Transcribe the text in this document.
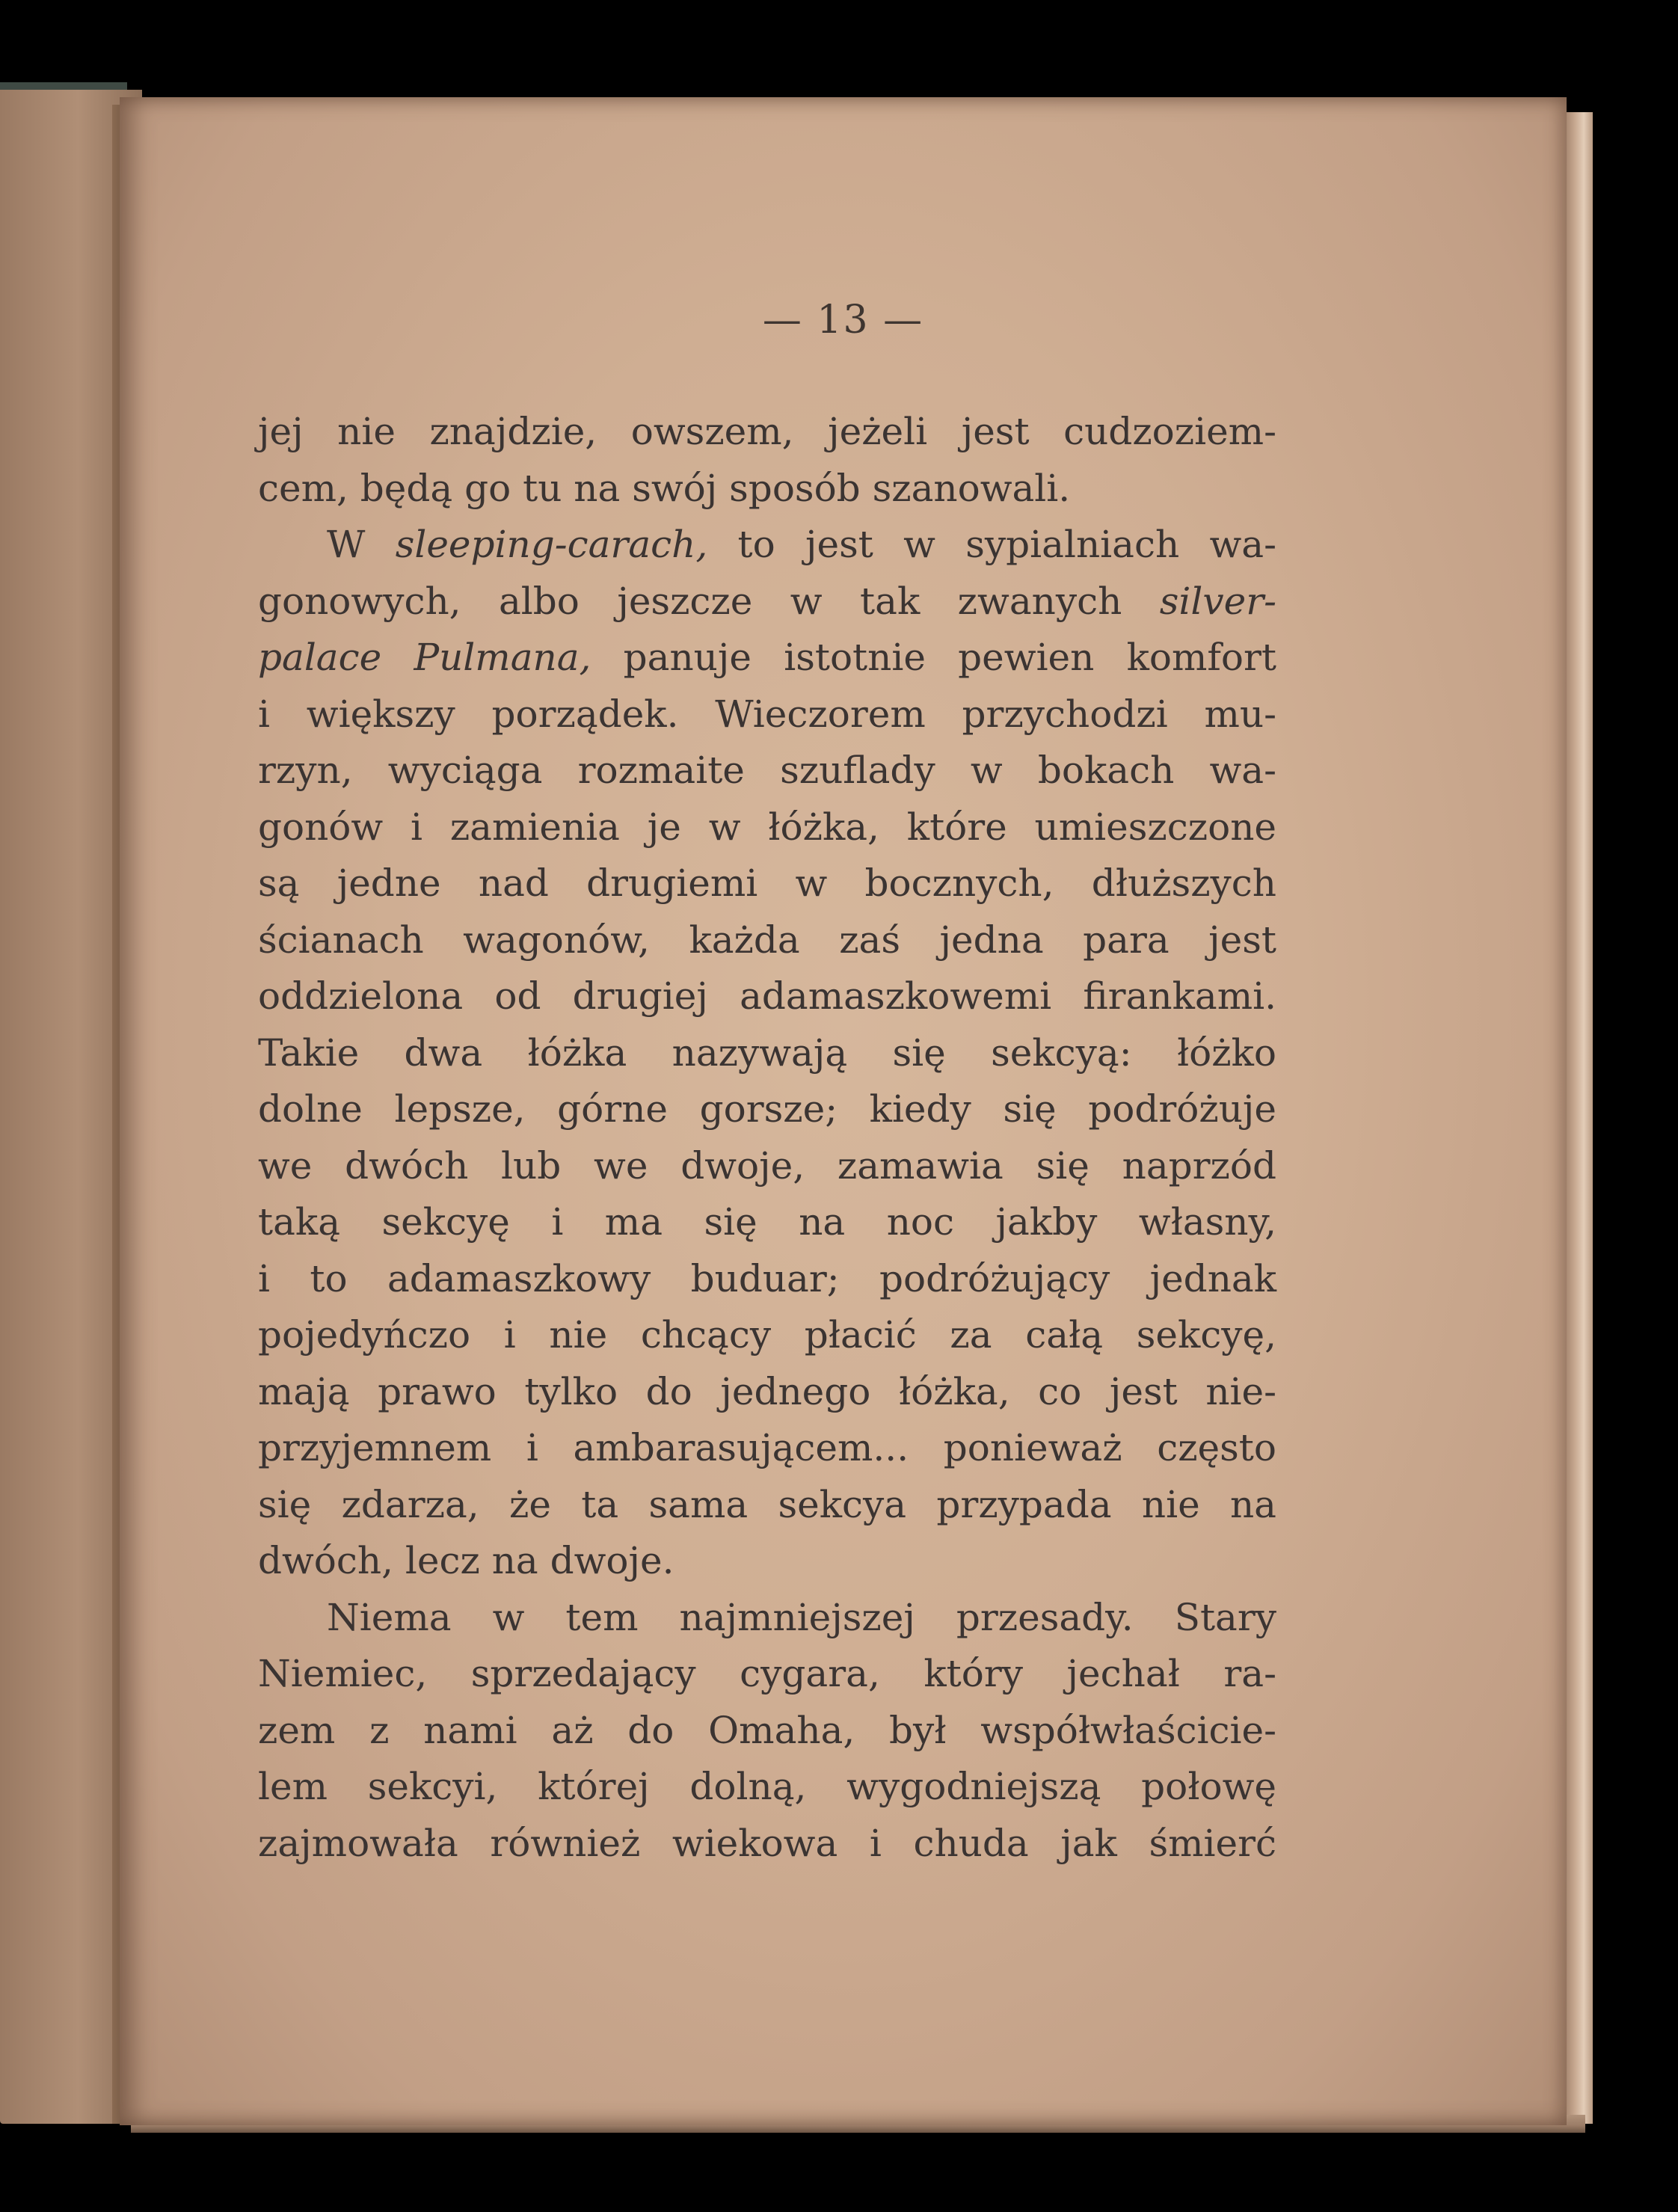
— 13 —
jej nie znajdzie, owszem, jeżeli jest cudzoziem-
cem, będą go tu na swój sposób szanowali.
W sleeping-carach, to jest w sypialniach wa-
gonowych, albo jeszcze w tak zwanych silver-
palace Pulmana, panuje istotnie pewien komfort
i większy porządek. Wieczorem przychodzi mu-
rzyn, wyciąga rozmaite szuflady w bokach wa-
gonów i zamienia je w łóżka, które umieszczone
są jedne nad drugiemi w bocznych, dłuższych
ścianach wagonów, każda zaś jedna para jest
oddzielona od drugiej adamaszkowemi firankami.
Takie dwa łóżka nazywają się sekcyą: łóżko
dolne lepsze, górne gorsze; kiedy się podróżuje
we dwóch lub we dwoje, zamawia się naprzód
taką sekcyę i ma się na noc jakby własny,
i to adamaszkowy buduar; podróżujący jednak
pojedyńczo i nie chcący płacić za całą sekcyę,
mają prawo tylko do jednego łóżka, co jest nie-
przyjemnem i ambarasującem... ponieważ często
się zdarza, że ta sama sekcya przypada nie na
dwóch, lecz na dwoje.
Niema w tem najmniejszej przesady. Stary
Niemiec, sprzedający cygara, który jechał ra-
zem z nami aż do Omaha, był współwłaścicie-
lem sekcyi, której dolną, wygodniejszą połowę
zajmowała również wiekowa i chuda jak śmierć
